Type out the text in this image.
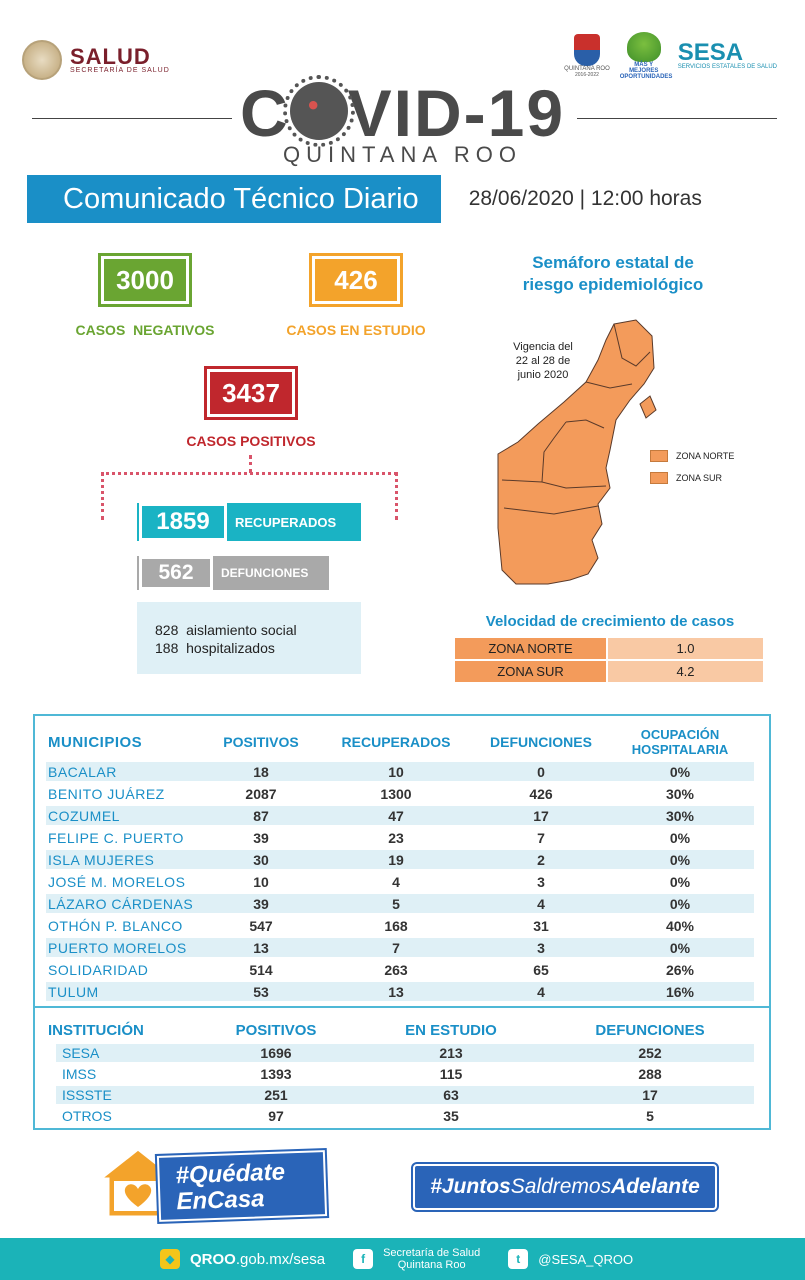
SALUD
SECRETARÍA DE SALUD	QUINTANA ROO
2016-2022
MÁS Y MEJORES OPORTUNIDADES
SESA
SERVICIOS ESTATALES DE SALUD
C VID-19
QUINTANA ROO
Comunicado Técnico Diario	28/06/2020 | 12:00 horas
3000
CASOS  NEGATIVOS
426
CASOS EN ESTUDIO
3437
CASOS POSITIVOS
1859	RECUPERADOS
562	DEFUNCIONES
828 aislamiento social
188 hospitalizados
Semáforo estatal de
riesgo epidemiológico
Vigencia del
22 al 28 de
junio 2020
ZONA NORTE
ZONA SUR
Velocidad de crecimiento de casos
ZONA NORTE	1.0
ZONA SUR	4.2
MUNICIPIOS	POSITIVOS	RECUPERADOS	DEFUNCIONES	OCUPACIÓN
HOSPITALARIA
BACALAR	18	10	0	0%
BENITO JUÁREZ	2087	1300	426	30%
COZUMEL	87	47	17	30%
FELIPE C. PUERTO	39	23	7	0%
ISLA MUJERES	30	19	2	0%
JOSÉ M. MORELOS	10	4	3	0%
LÁZARO CÁRDENAS	39	5	4	0%
OTHÓN P. BLANCO	547	168	31	40%
PUERTO MORELOS	13	7	3	0%
SOLIDARIDAD	514	263	65	26%
TULUM	53	13	4	16%
INSTITUCIÓN	POSITIVOS	EN ESTUDIO	DEFUNCIONES
SESA	1696	213	252
IMSS	1393	115	288
ISSSTE	251	63	17
OTROS	97	35	5
#Quédate
EnCasa	#Juntos Saldremos Adelante
◆	QROO .gob.mx/sesa	f	Secretaría de Salud
Quintana Roo	t	@SESA_QROO
